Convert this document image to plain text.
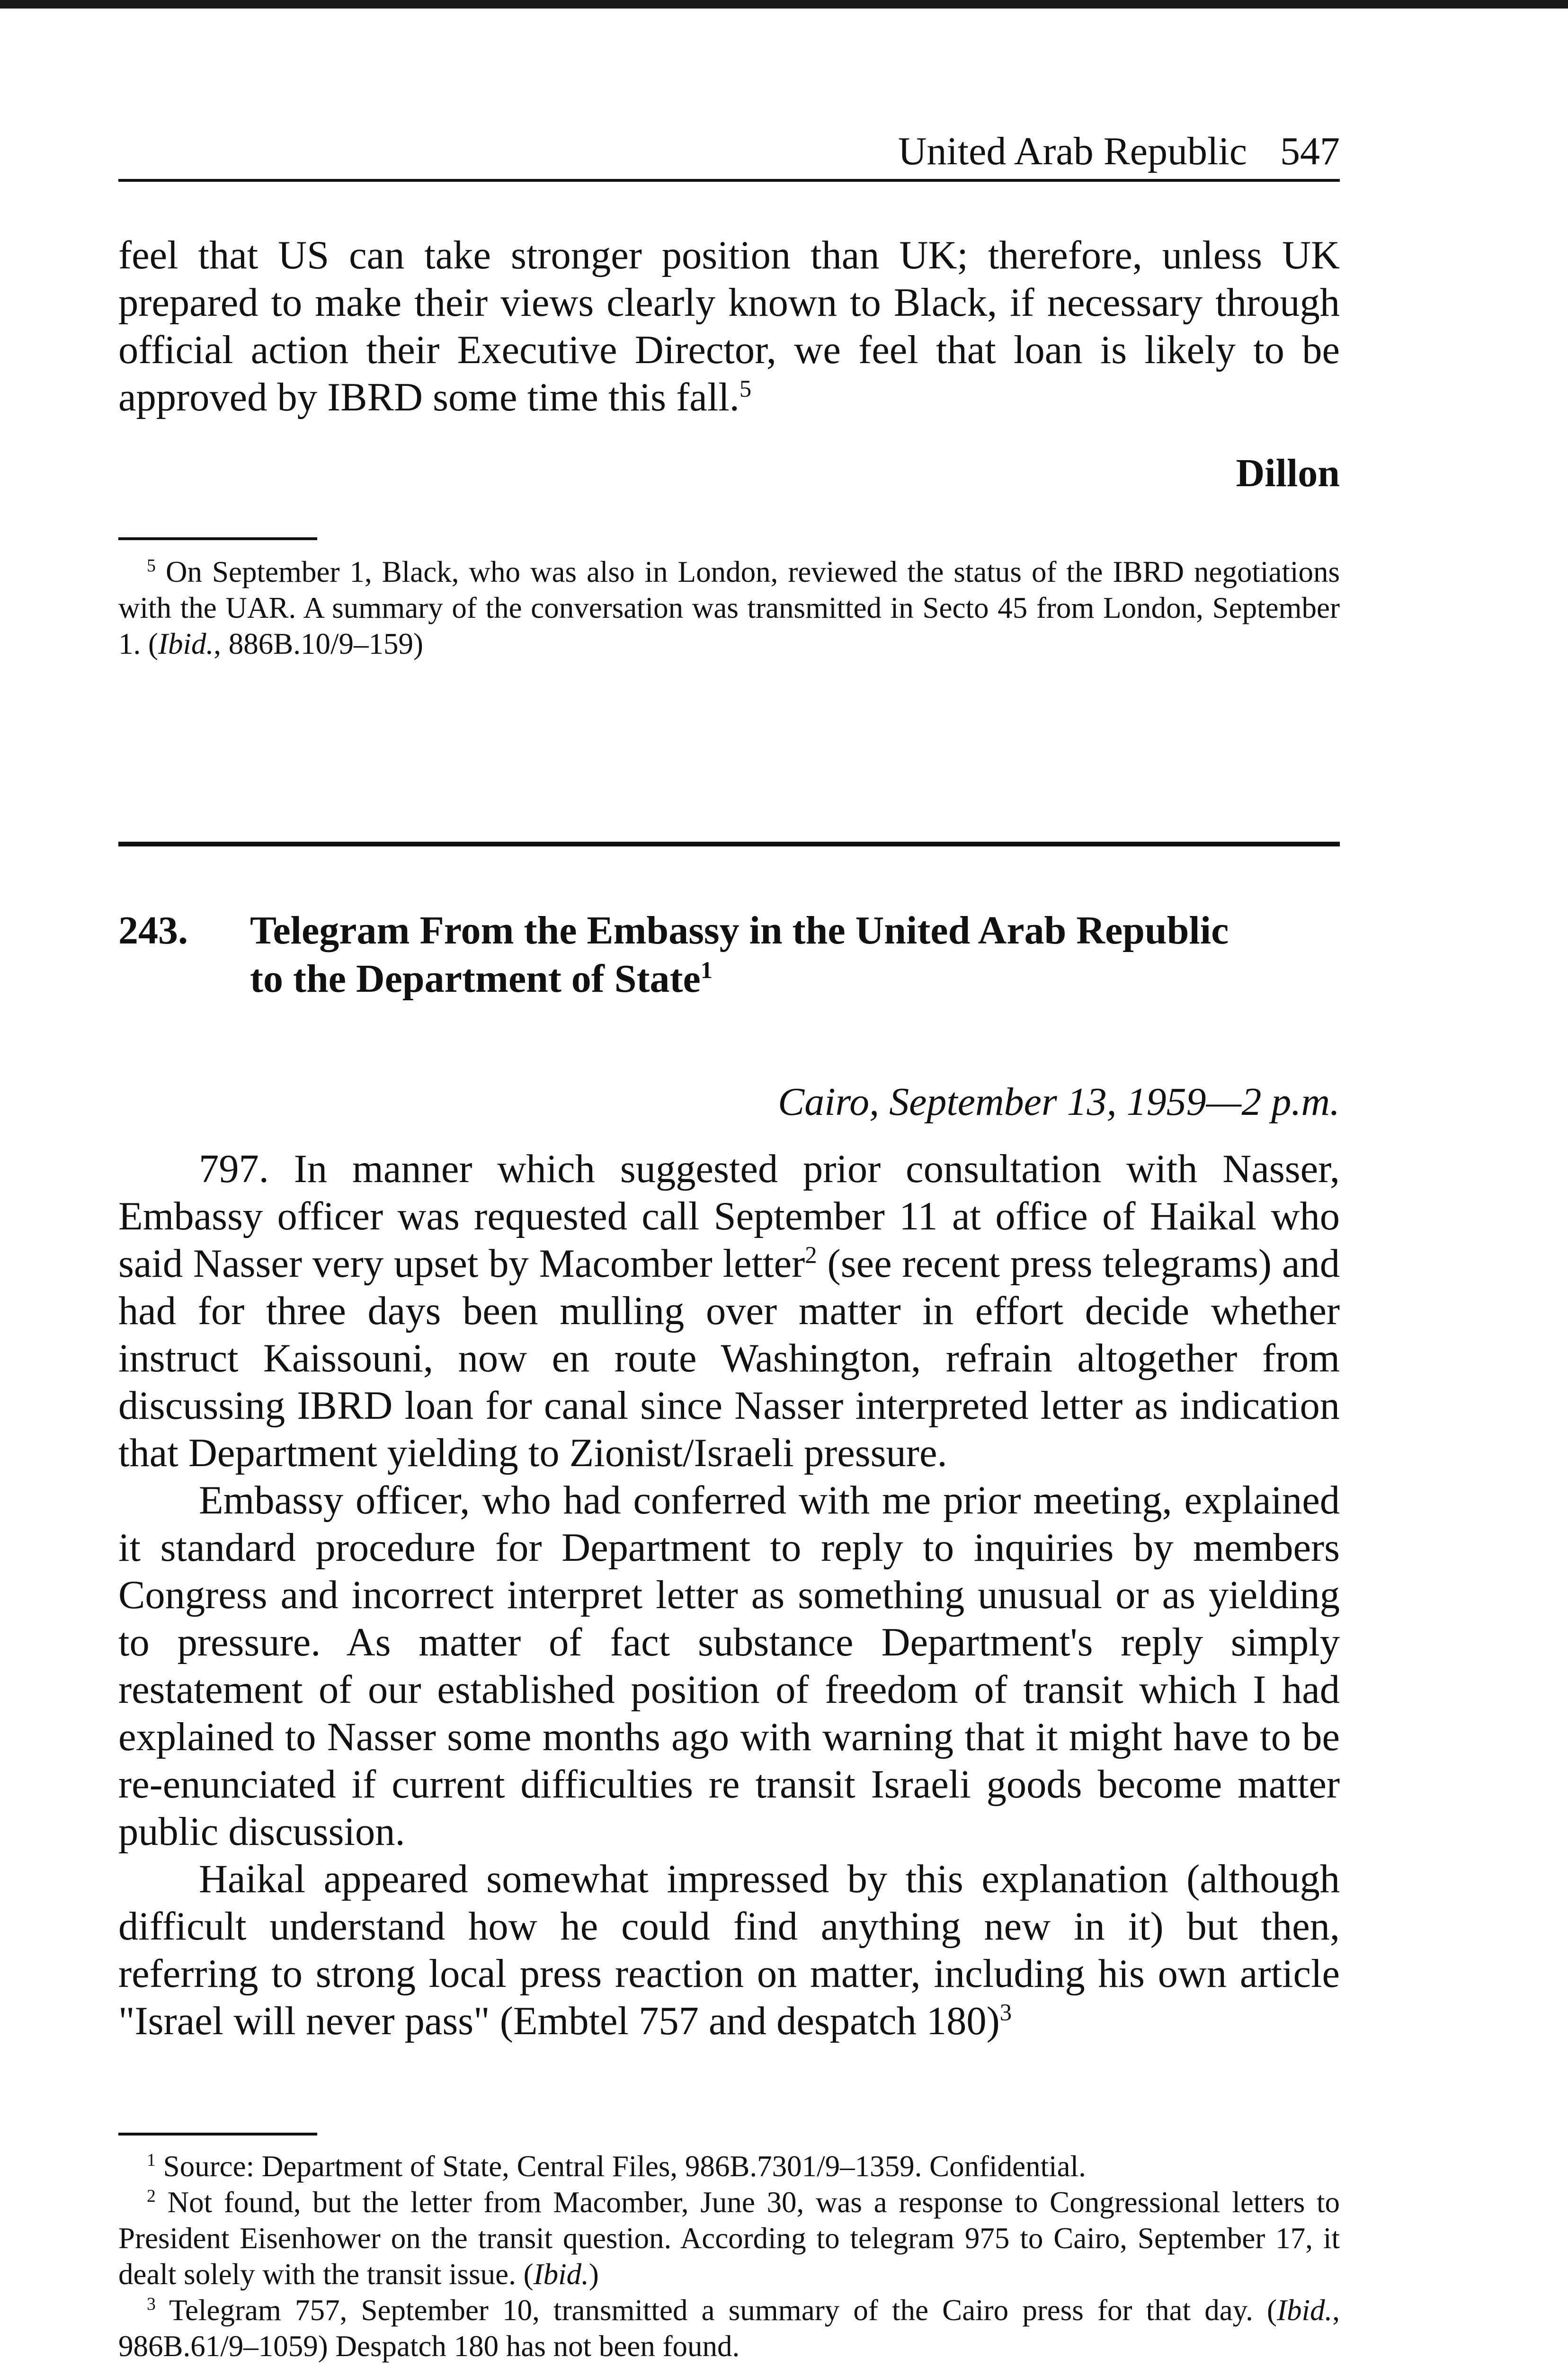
United Arab Republic 547

feel that US can take stronger position than UK; therefore, unless UK prepared to make their views clearly known to Black, if necessary through official action their Executive Director, we feel that loan is likely to be approved by IBRD some time this fall.$^5$

Dillon

$^5$ On September 1, Black, who was also in London, reviewed the status of the IBRD negotiations with the UAR. A summary of the conversation was transmitted in Secto 45 from London, September 1. (Ibid., 886B.10/9–159)

243. Telegram From the Embassy in the United Arab Republic
to the Department of State$^1$
Cairo, September 13, 1959—2 p.m.

797. In manner which suggested prior consultation with Nasser, Embassy officer was requested call September 11 at office of Haikal who said Nasser very upset by Macomber letter$^2$ (see recent press telegrams) and had for three days been mulling over matter in effort decide whether instruct Kaissouni, now en route Washington, refrain altogether from discussing IBRD loan for canal since Nasser interpreted letter as indication that Department yielding to Zionist/Israeli pressure.

Embassy officer, who had conferred with me prior meeting, explained it standard procedure for Department to reply to inquiries by members Congress and incorrect interpret letter as something unusual or as yielding to pressure. As matter of fact substance Department's reply simply restatement of our established position of freedom of transit which I had explained to Nasser some months ago with warning that it might have to be re-enunciated if current difficulties re transit Israeli goods become matter public discussion.

Haikal appeared somewhat impressed by this explanation (although difficult understand how he could find anything new in it) but then, referring to strong local press reaction on matter, including his own article "Israel will never pass" (Embtel 757 and despatch 180)$^3$

$^1$ Source: Department of State, Central Files, 986B.7301/9–1359. Confidential.

$^2$ Not found, but the letter from Macomber, June 30, was a response to Congressional letters to President Eisenhower on the transit question. According to telegram 975 to Cairo, September 17, it dealt solely with the transit issue. (Ibid.)

$^3$ Telegram 757, September 10, transmitted a summary of the Cairo press for that day. (Ibid., 986B.61/9–1059) Despatch 180 has not been found.
